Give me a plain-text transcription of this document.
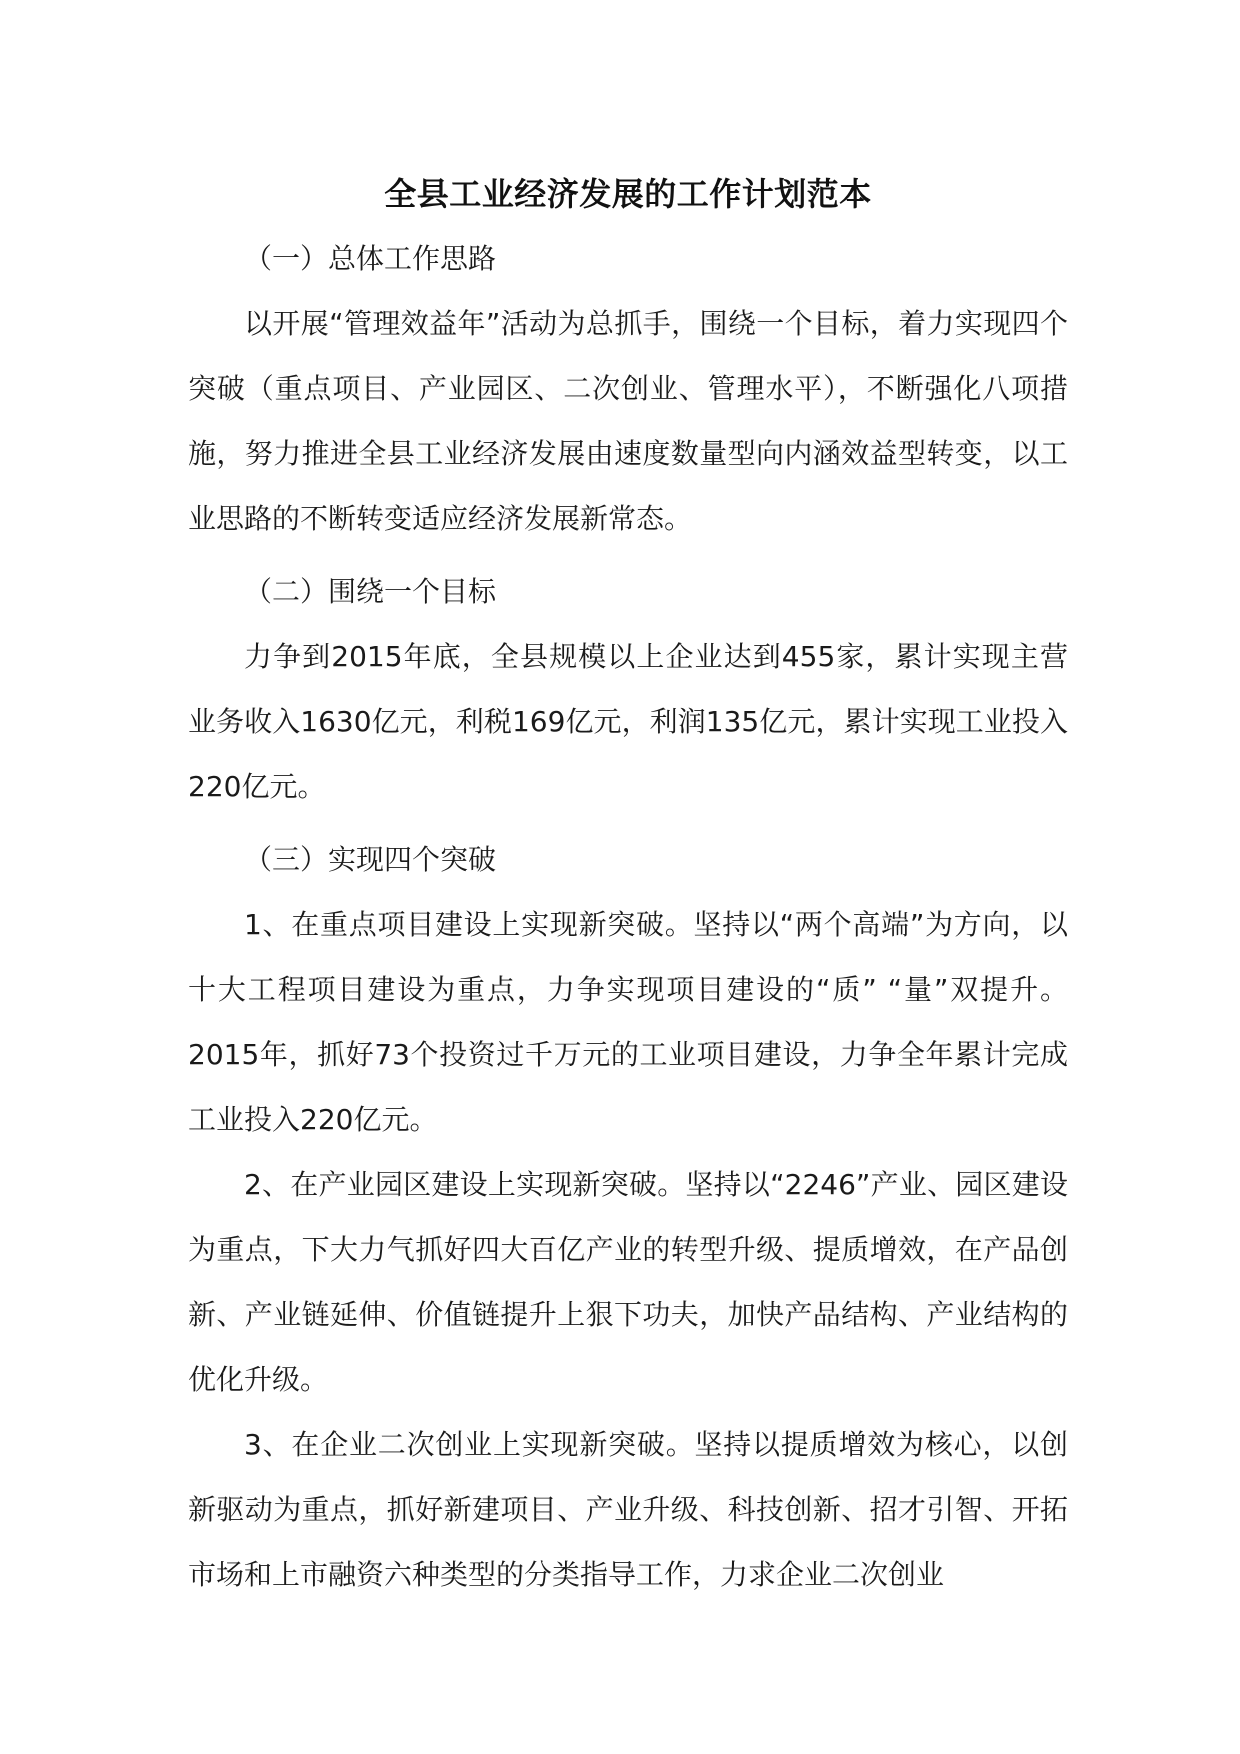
全县工业经济发展的工作计划范本
（一）总体工作思路

以开展“管理效益年”活动为总抓手，围绕一个目标，着力实现四个突破（重点项目、产业园区、二次创业、管理水平），不断强化八项措施，努力推进全县工业经济发展由速度数量型向内涵效益型转变，以工业思路的不断转变适应经济发展新常态。

（二）围绕一个目标

力争到2015年底，全县规模以上企业达到455家，累计实现主营业务收入1630亿元，利税169亿元，利润135亿元，累计实现工业投入220亿元。

（三）实现四个突破

1、在重点项目建设上实现新突破。坚持以“两个高端”为方向，以十大工程项目建设为重点，力争实现项目建设的“质” “量”双提升。2015年，抓好73个投资过千万元的工业项目建设，力争全年累计完成工业投入220亿元。

2、在产业园区建设上实现新突破。坚持以“2246”产业、园区建设为重点，下大力气抓好四大百亿产业的转型升级、提质增效，在产品创新、产业链延伸、价值链提升上狠下功夫，加快产品结构、产业结构的优化升级。

3、在企业二次创业上实现新突破。坚持以提质增效为核心，以创新驱动为重点，抓好新建项目、产业升级、科技创新、招才引智、开拓市场和上市融资六种类型的分类指导工作，力求企业二次创业
